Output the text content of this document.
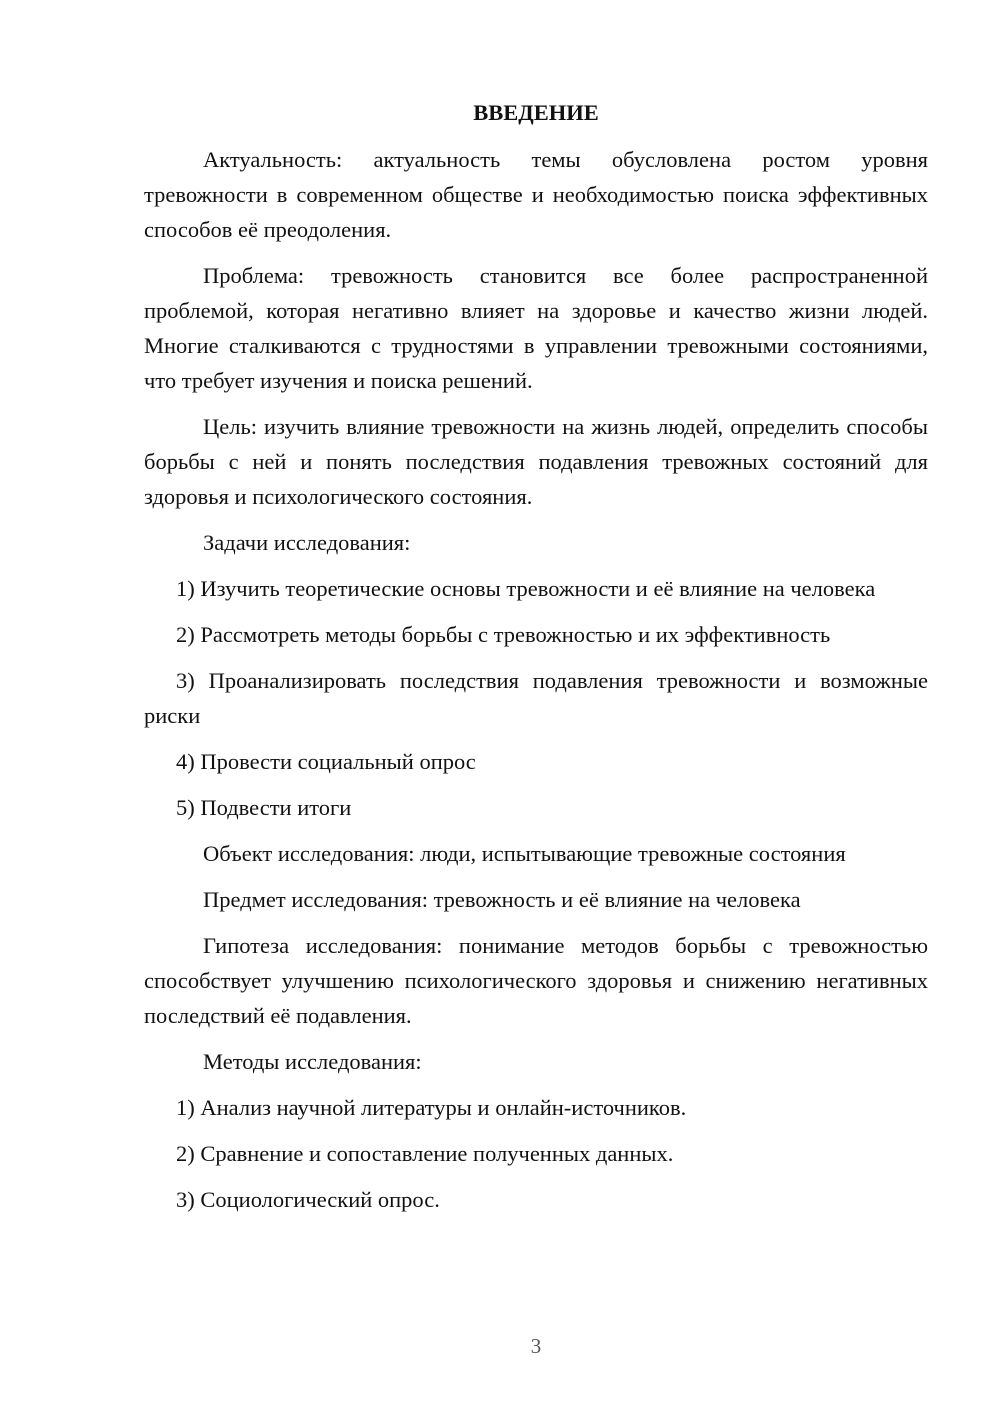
ВВЕДЕНИЕ

Актуальность: актуальность темы обусловлена ростом уровня тревожности в современном обществе и необходимостью поиска эффективных способов её преодоления.

Проблема: тревожность становится все более распространенной проблемой, которая негативно влияет на здоровье и качество жизни людей. Многие сталкиваются с трудностями в управлении тревожными состояниями, что требует изучения и поиска решений.

Цель: изучить влияние тревожности на жизнь людей, определить способы борьбы с ней и понять последствия подавления тревожных состояний для здоровья и психологического состояния.

Задачи исследования:

1) Изучить теоретические основы тревожности и её влияние на человека

2) Рассмотреть методы борьбы с тревожностью и их эффективность

3) Проанализировать последствия подавления тревожности и возможные риски

4) Провести социальный опрос

5) Подвести итоги

Объект исследования: люди, испытывающие тревожные состояния
Предмет исследования: тревожность и её влияние на человека

Гипотеза исследования: понимание методов борьбы с тревожностью способствует улучшению психологического здоровья и снижению негативных последствий её подавления.

Методы исследования:

1) Анализ научной литературы и онлайн-источников.

2) Сравнение и сопоставление полученных данных.

3) Социологический опрос.

3
